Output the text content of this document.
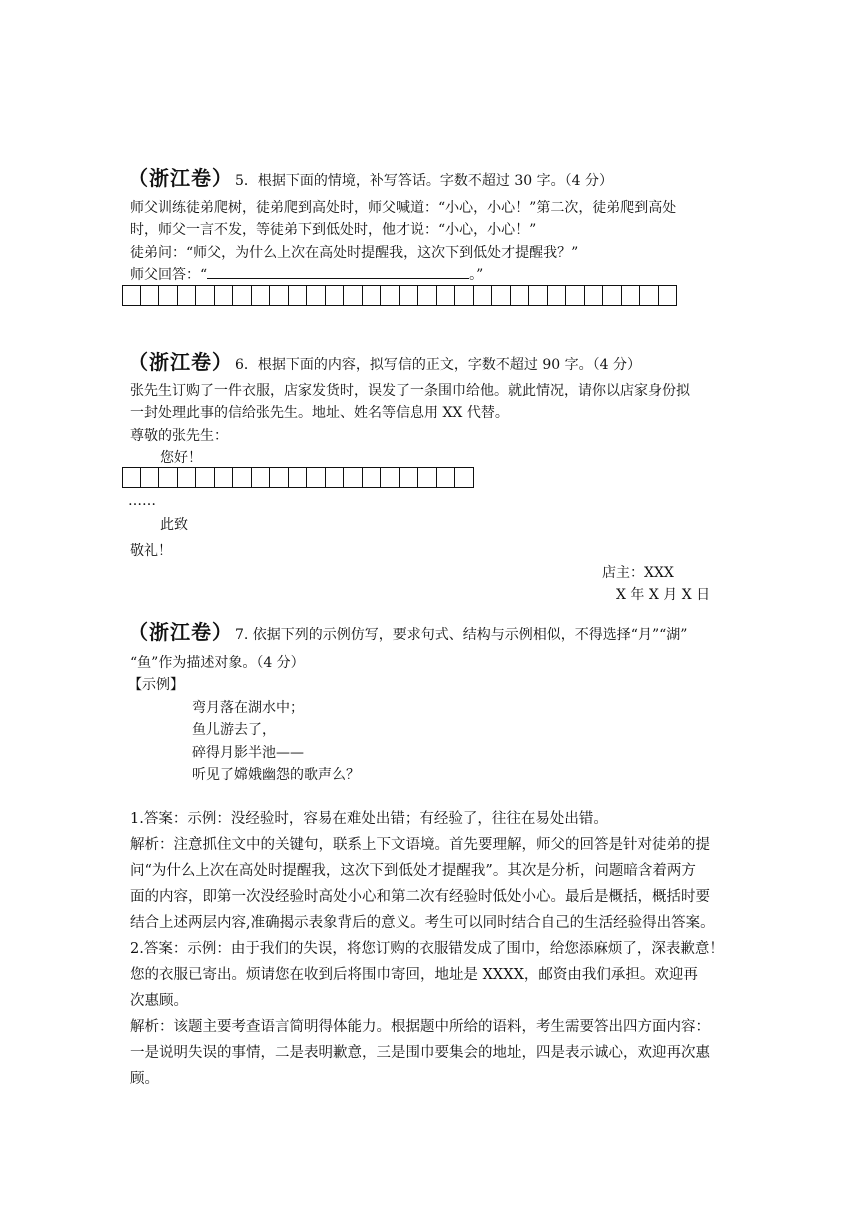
（浙江卷） 5．根据下面的情境，补写答话。字数不超过 30 字。（4 分）
师父训练徒弟爬树，徒弟爬到高处时，师父喊道：“小心，小心！”第二次，徒弟爬到高处
时，师父一言不发，等徒弟下到低处时，他才说：“小心，小心！”
徒弟问：“师父，为什么上次在高处时提醒我，这次下到低处才提醒我？”
师父回答：“	。”
（浙江卷） 6．根据下面的内容，拟写信的正文，字数不超过 90 字。（4 分）
张先生订购了一件衣服，店家发货时，误发了一条围巾给他。就此情况，请你以店家身份拟
一封处理此事的信给张先生。地址、姓名等信息用 XX 代替。
尊敬的张先生：
您好！
……
此致
敬礼！
店主：XXX
X 年 X 月 X 日
（浙江卷） 7. 依据下列的示例仿写，要求句式、结构与示例相似，不得选择“月”“湖”
“鱼”作为描述对象。（4 分）
【示例】
弯月落在湖水中；
鱼儿游去了，
碎得月影半池——
听见了嫦娥幽怨的歌声么？
1.答案：示例：没经验时，容易在难处出错；有经验了，往往在易处出错。
解析：注意抓住文中的关键句，联系上下文语境。首先要理解，师父的回答是针对徒弟的提
问“为什么上次在高处时提醒我，这次下到低处才提醒我”。其次是分析，问题暗含着两方
面的内容，即第一次没经验时高处小心和第二次有经验时低处小心。最后是概括，概括时要
结合上述两层内容,准确揭示表象背后的意义。考生可以同时结合自己的生活经验得出答案。
2.答案：示例：由于我们的失误，将您订购的衣服错发成了围巾，给您添麻烦了，深表歉意！
您的衣服已寄出。烦请您在收到后将围巾寄回，地址是 XXXX，邮资由我们承担。欢迎再
次惠顾。
解析：该题主要考查语言简明得体能力。根据题中所给的语料，考生需要答出四方面内容：
一是说明失误的事情，二是表明歉意，三是围巾要集会的地址，四是表示诚心，欢迎再次惠
顾。
